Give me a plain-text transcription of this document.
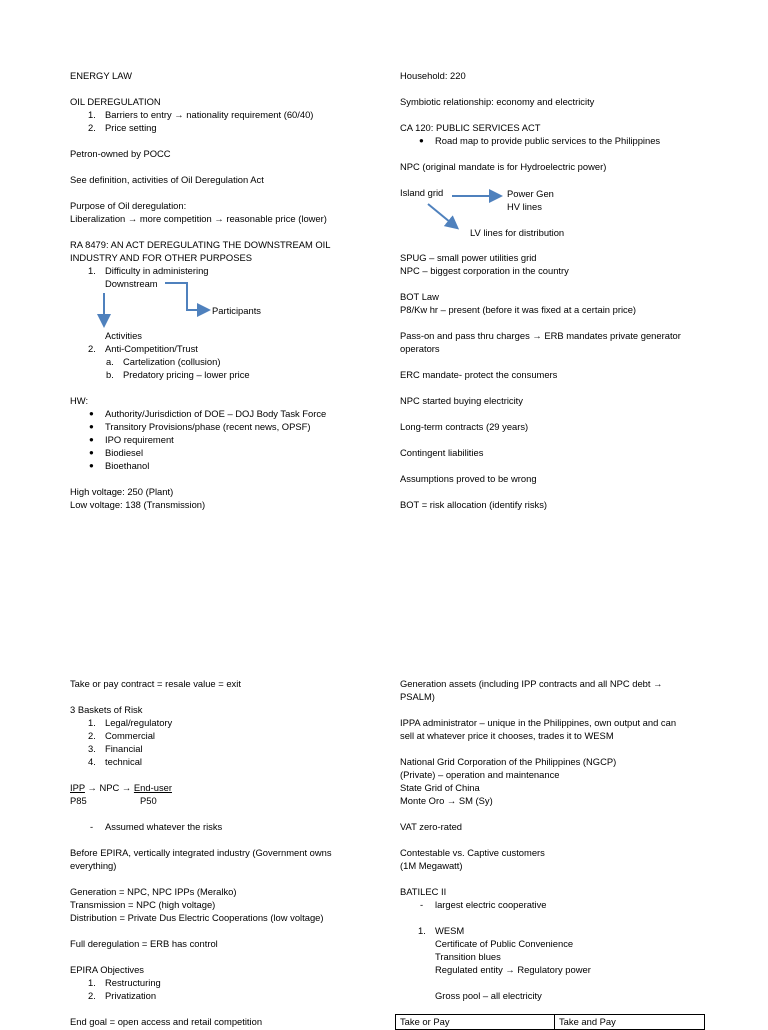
ENERGY LAW

OIL DEREGULATION

1. Barriers to entry → nationality requirement (60/40)
2. Price setting

Petron-owned by POCC

See definition, activities of Oil Deregulation Act

Purpose of Oil deregulation:

Liberalization → more competition → reasonable price (lower)

RA 8479: AN ACT DEREGULATING THE DOWNSTREAM OIL

INDUSTRY AND FOR OTHER PURPOSES

1. Difficulty in administering

Downstream

Activities

2. Anti-Competition/Trust
a. Cartelization (collusion)
b. Predatory pricing – lower price

HW:

● Authority/Jurisdiction of DOE – DOJ Body Task Force
● Transitory Provisions/phase (recent news, OPSF)
● IPO requirement
● Biodiesel
● Bioethanol

High voltage: 250 (Plant)

Low voltage: 138 (Transmission)

Participants

Household: 220

Symbiotic relationship: economy and electricity

CA 120: PUBLIC SERVICES ACT

● Road map to provide public services to the Philippines

NPC (original mandate is for Hydroelectric power)

Island grid

SPUG – small power utilities grid

NPC – biggest corporation in the country

BOT Law

P8/Kw hr – present (before it was fixed at a certain price)

Pass-on and pass thru charges → ERB mandates private generator

operators

ERC mandate- protect the consumers

NPC started buying electricity

Long-term contracts (29 years)

Contingent liabilities

Assumptions proved to be wrong

BOT = risk allocation (identify risks)

Power Gen
HV lines
LV lines for distribution

Take or pay contract = resale value = exit

3 Baskets of Risk

1. Legal/regulatory
2. Commercial
3. Financial
4. technical

IPP → NPC → End-user

P85	P50

- Assumed whatever the risks

Before EPIRA, vertically integrated industry (Government owns

everything)

Generation = NPC, NPC IPPs (Meralko)

Transmission = NPC (high voltage)

Distribution = Private Dus Electric Cooperations (low voltage)

Full deregulation = ERB has control

EPIRA Objectives

1. Restructuring
2. Privatization

End goal = open access and retail competition

Generation assets (including IPP contracts and all NPC debt →

PSALM)

IPPA administrator – unique in the Philippines, own output and can

sell at whatever price it chooses, trades it to WESM

National Grid Corporation of the Philippines (NGCP)

(Private) – operation and maintenance

State Grid of China

Monte Oro → SM (Sy)

VAT zero-rated

Contestable vs. Captive customers

(1M Megawatt)

BATILEC II

- largest electric cooperative
1. WESM

Certificate of Public Convenience

Transition blues

Regulated entity → Regulatory power

Gross pool – all electricity

Take or Pay	Take and Pay
